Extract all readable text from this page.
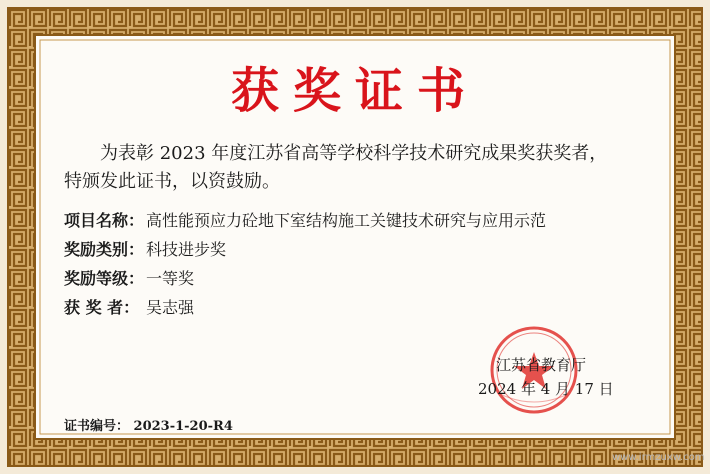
获奖证书
为表彰 2023 年度江苏省高等学校科学技术研究成果奖获奖者，
特颁发此证书，以资鼓励。
项目名称： 高性能预应力砼地下室结构施工关键技术研究与应用示范
奖励类别： 科技进步奖
奖励等级： 一等奖
获 奖 者： 吴志强
江苏省教育厅
2024 年 4 月 17 日
证书编号： 2023-1-20-R4
www.irmzuxw.com
